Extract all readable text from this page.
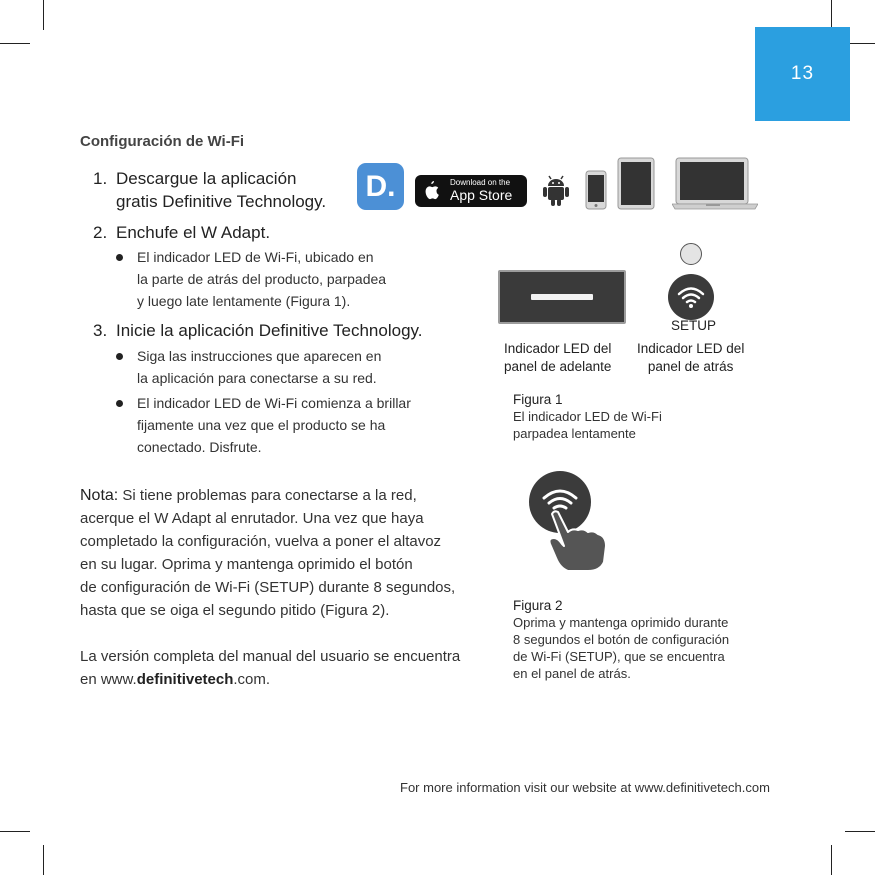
13
Configuración de Wi-Fi
1. Descargue la aplicación
gratis Definitive Technology.
2. Enchufe el W Adapt.
El indicador LED de Wi-Fi, ubicado en
la parte de atrás del producto, parpadea
y luego late lentamente (Figura 1).
3. Inicie la aplicación Definitive Technology.
Siga las instrucciones que aparecen en
la aplicación para conectarse a su red.
El indicador LED de Wi-Fi comienza a brillar
fijamente una vez que el producto se ha
conectado. Disfrute.
Nota: Si tiene problemas para conectarse a la red,
acerque el W Adapt al enrutador. Una vez que haya
completado la configuración, vuelva a poner el altavoz
en su lugar. Oprima y mantenga oprimido el botón
de configuración de Wi-Fi (SETUP) durante 8 segundos,
hasta que se oiga el segundo pitido (Figura 2).
La versión completa del manual del usuario se encuentra
en www.definitivetech.com.
D.	Download on the
App Store
SETUP
Indicador LED del
panel de adelante
Indicador LED del
panel de atrás
Figura 1
El indicador LED de Wi-Fi
parpadea lentamente
Figura 2
Oprima y mantenga oprimido durante
8 segundos el botón de configuración
de Wi-Fi (SETUP), que se encuentra
en el panel de atrás.
For more information visit our website at www.definitivetech.com
